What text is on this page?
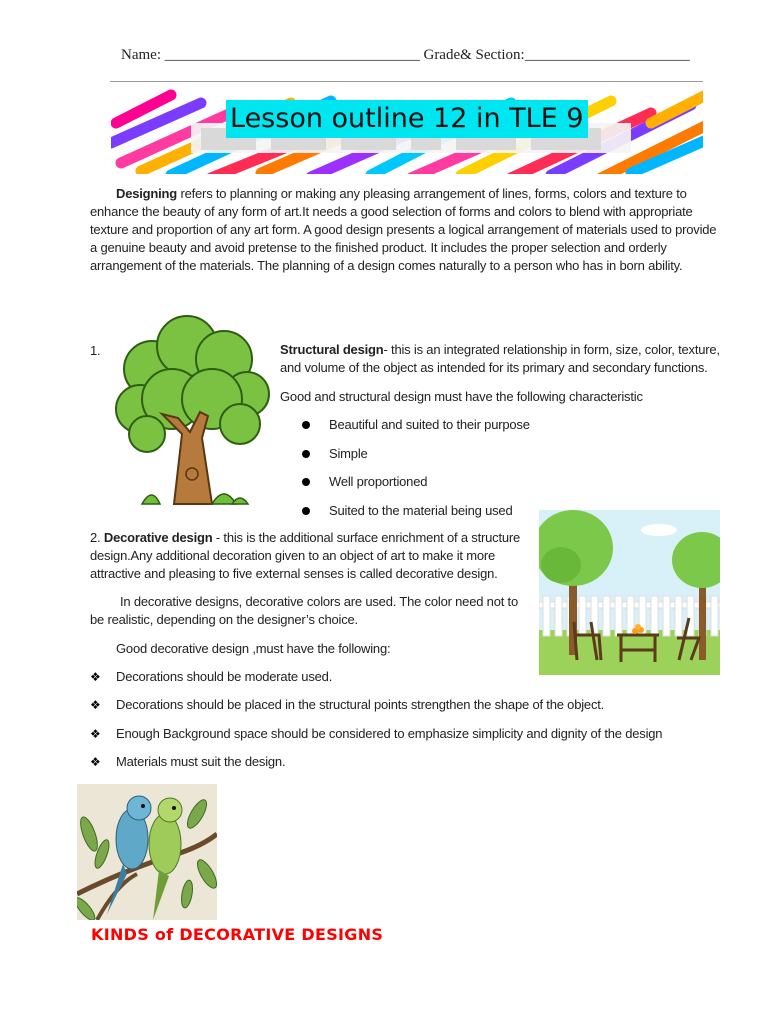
Name: __________________________________ Grade& Section:______________________
Lesson outline 12 in TLE 9
Designing refers to planning or making any pleasing arrangement of lines, forms, colors and texture to enhance the beauty of any form of art.It needs a good selection of forms and colors to blend with appropriate texture and proportion of any art form. A good design presents a logical arrangement of materials used to provide a genuine beauty and avoid pretense to the finished product. It includes the proper selection and orderly arrangement of the materials. The planning of a design comes naturally to a person who has in born ability.
1.	Structural design- this is an integrated relationship in form, size, color, texture, and volume of the object as intended for its primary and secondary functions.
Good and structural design must have the following characteristic
Beautiful and suited to their purpose
Simple
Well proportioned
Suited to the material being used
2. Decorative design - this is the additional surface enrichment of a structure design.Any additional decoration given to an object of art to make it more attractive and pleasing to five external senses is called decorative design.
In decorative designs, decorative colors are used. The color need not to be realistic, depending on the designer’s choice.
Good decorative design ,must have the following:
❖ Decorations should be moderate used.
❖ Decorations should be placed in the structural points strengthen the shape of the object.
❖ Enough Background space should be considered to emphasize simplicity and dignity of the design
❖ Materials must suit the design.
KINDS of DECORATIVE DESIGNS
